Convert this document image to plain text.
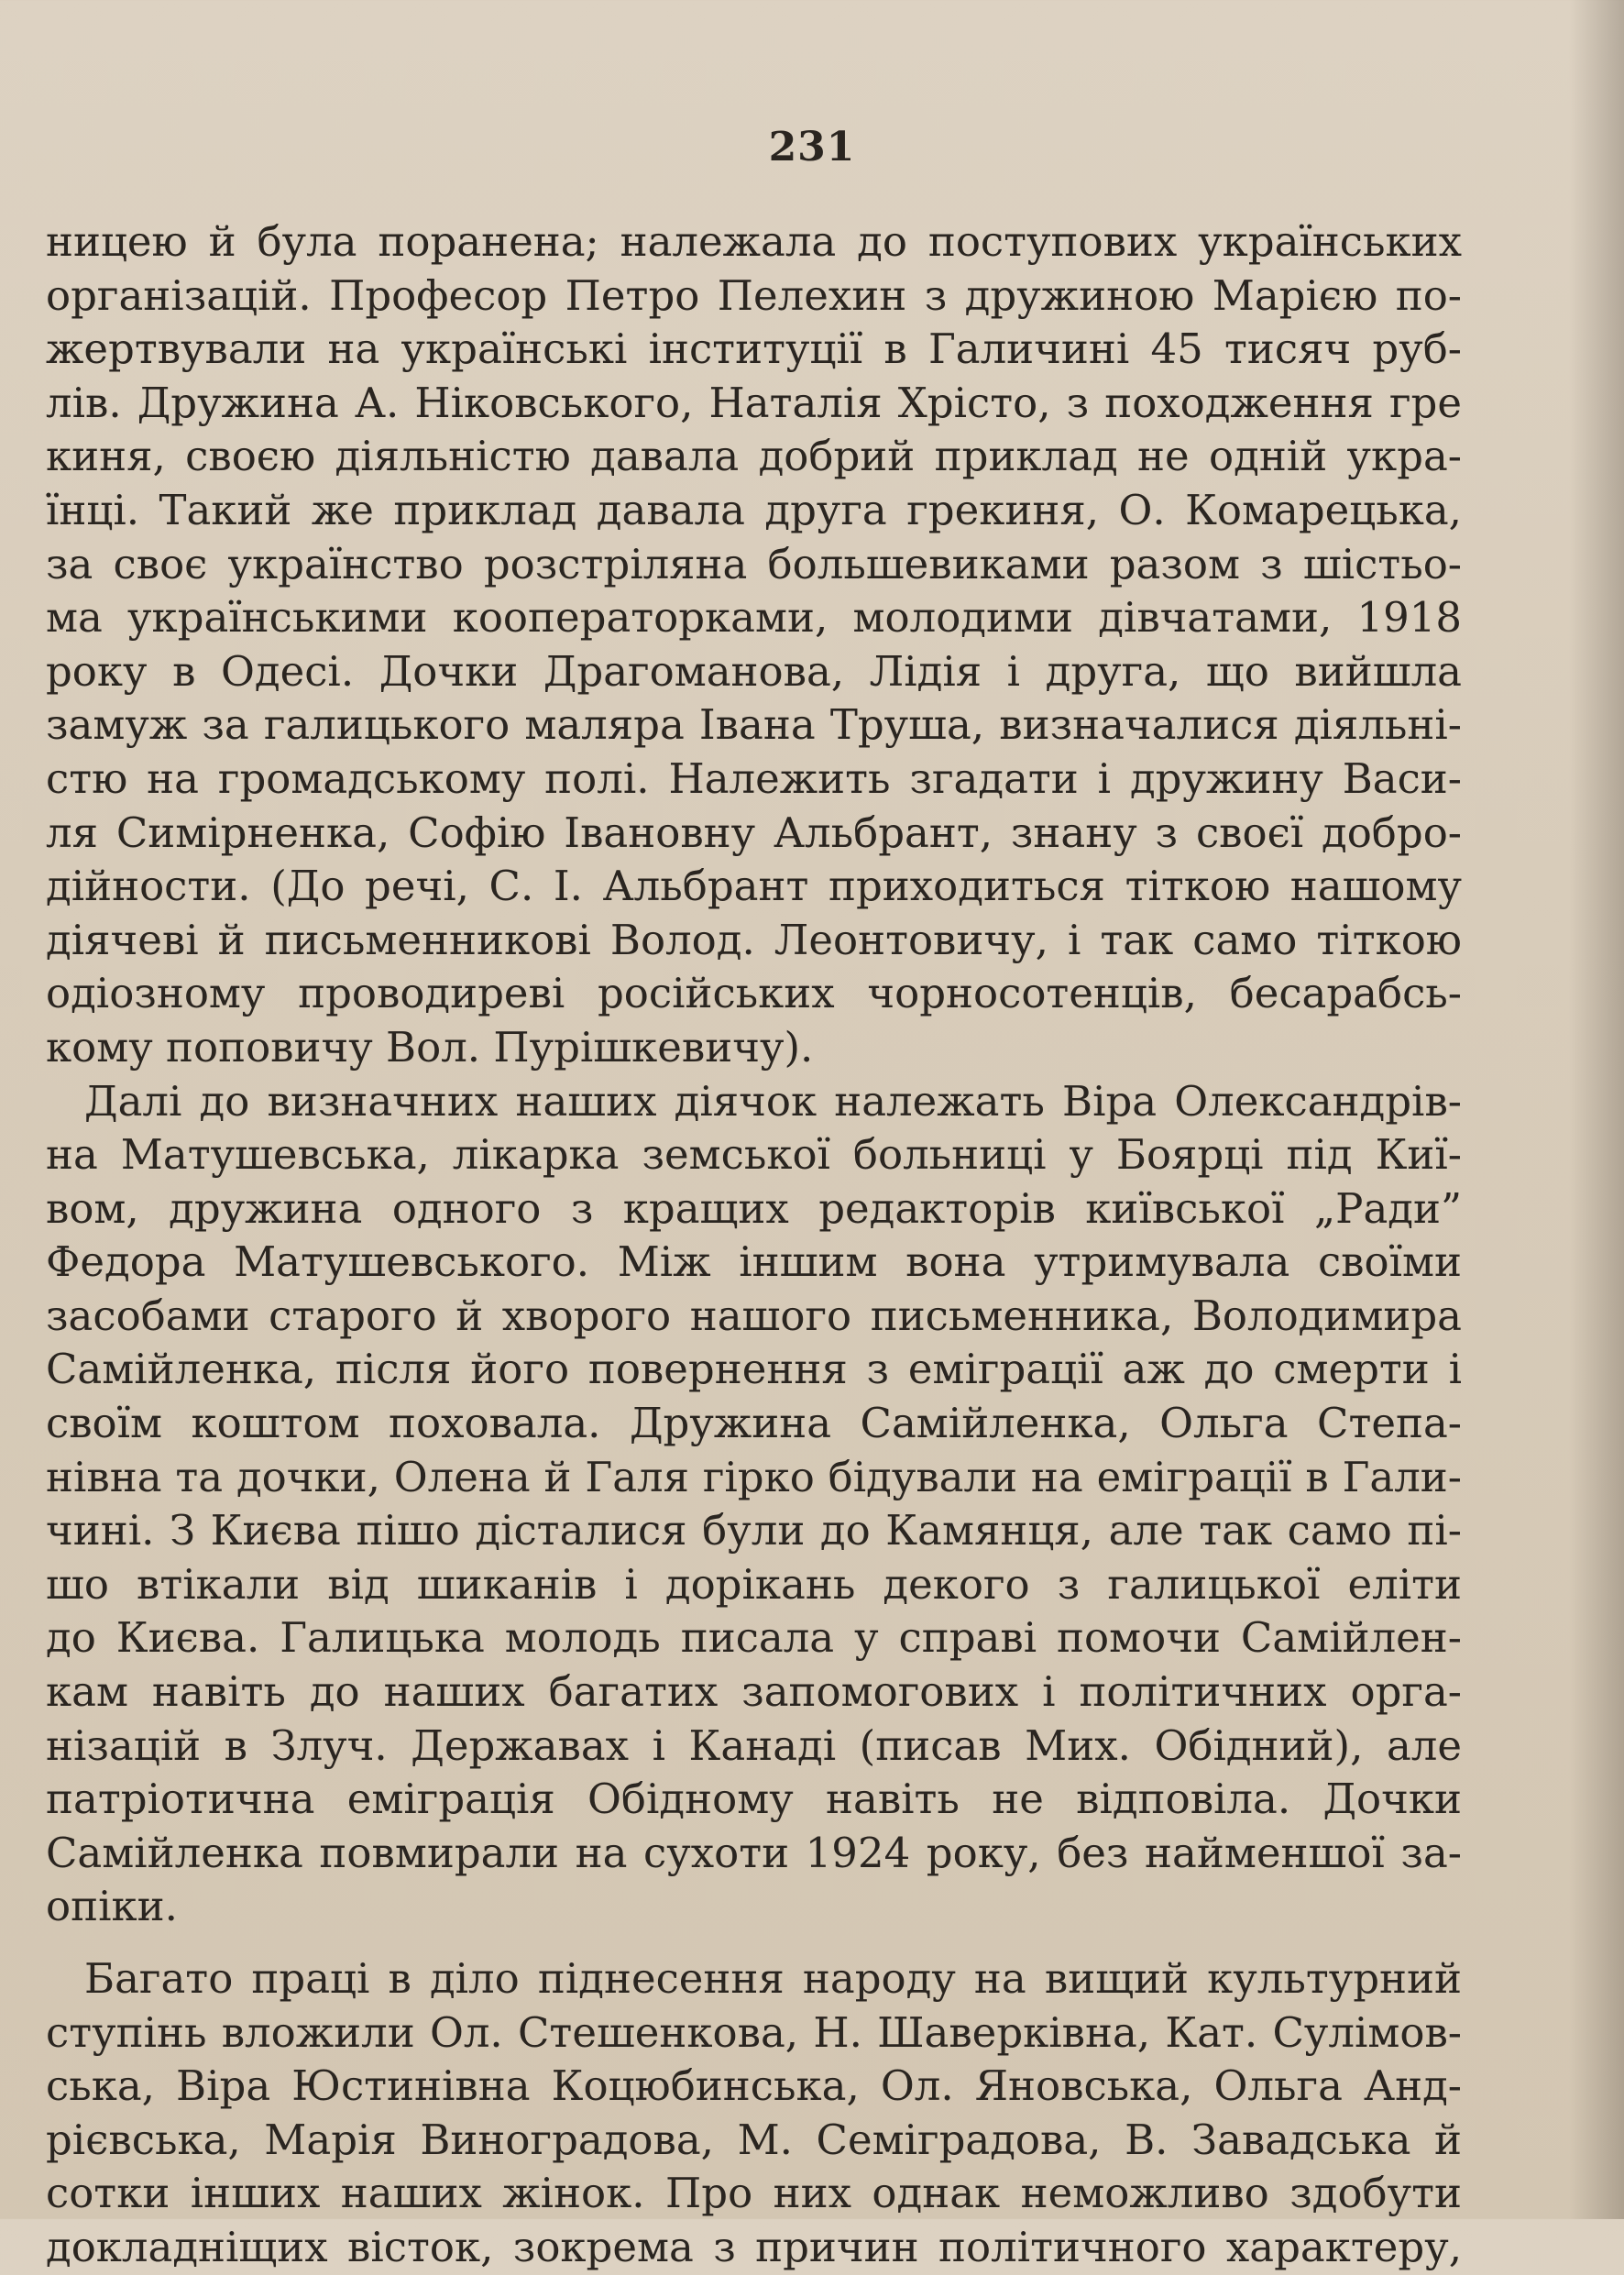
231
ницею й була поранена; належала до поступових українських
організацій. Професор Петро Пелехин з дружиною Марією по-
жертвували на українські інституції в Галичині 45 тисяч руб-
лів. Дружина А. Ніковського, Наталія Хрісто, з походження гре
киня, своєю діяльністю давала добрий приклад не одній укра-
їнці. Такий же приклад давала друга грекиня, О. Комарецька,
за своє українство розстріляна большевиками разом з шістьо-
ма українськими кооператорками, молодими дівчатами, 1918
року в Одесі. Дочки Драгоманова, Лідія і друга, що вийшла
замуж за галицького маляра Івана Труша, визначалися діяльні-
стю на громадському полі. Належить згадати і дружину Васи-
ля Симірненка, Софію Івановну Альбрант, знану з своєї добро-
дійности. (До речі, С. І. Альбрант приходиться тіткою нашому
діячеві й письменникові Волод. Леонтовичу, і так само тіткою
одіозному проводиреві російських чорносотенців, бесарабсь-
кому поповичу Вол. Пурішкевичу).
Далі до визначних наших діячок належать Віра Олександрів-
на Матушевська, лікарка земської больниці у Боярці під Киї-
вом, дружина одного з кращих редакторів київської „Ради”
Федора Матушевського. Між іншим вона утримувала своїми
засобами старого й хворого нашого письменника, Володимира
Самійленка, після його повернення з еміграції аж до смерти і
своїм коштом поховала. Дружина Самійленка, Ольга Степа-
нівна та дочки, Олена й Галя гірко бідували на еміграції в Гали-
чині. З Києва пішо дісталися були до Камянця, але так само пі-
шо втікали від шиканів і дорікань декого з галицької еліти
до Києва. Галицька молодь писала у справі помочи Самійлен-
кам навіть до наших багатих запомогових і політичних орга-
нізацій в Злуч. Державах і Канаді (писав Мих. Обідний), але
патріотична еміграція Обідному навіть не відповіла. Дочки
Самійленка повмирали на сухоти 1924 року, без найменшої за-
опіки.
Багато праці в діло піднесення народу на вищий культурний
ступінь вложили Ол. Стешенкова, Н. Шаверківна, Кат. Сулімов-
ська, Віра Юстинівна Коцюбинська, Ол. Яновська, Ольга Анд-
рієвська, Марія Виноградова, М. Семіградова, В. Завадська й
сотки інших наших жінок. Про них однак неможливо здобути
докладніщих вісток, зокрема з причин політичного характеру,
